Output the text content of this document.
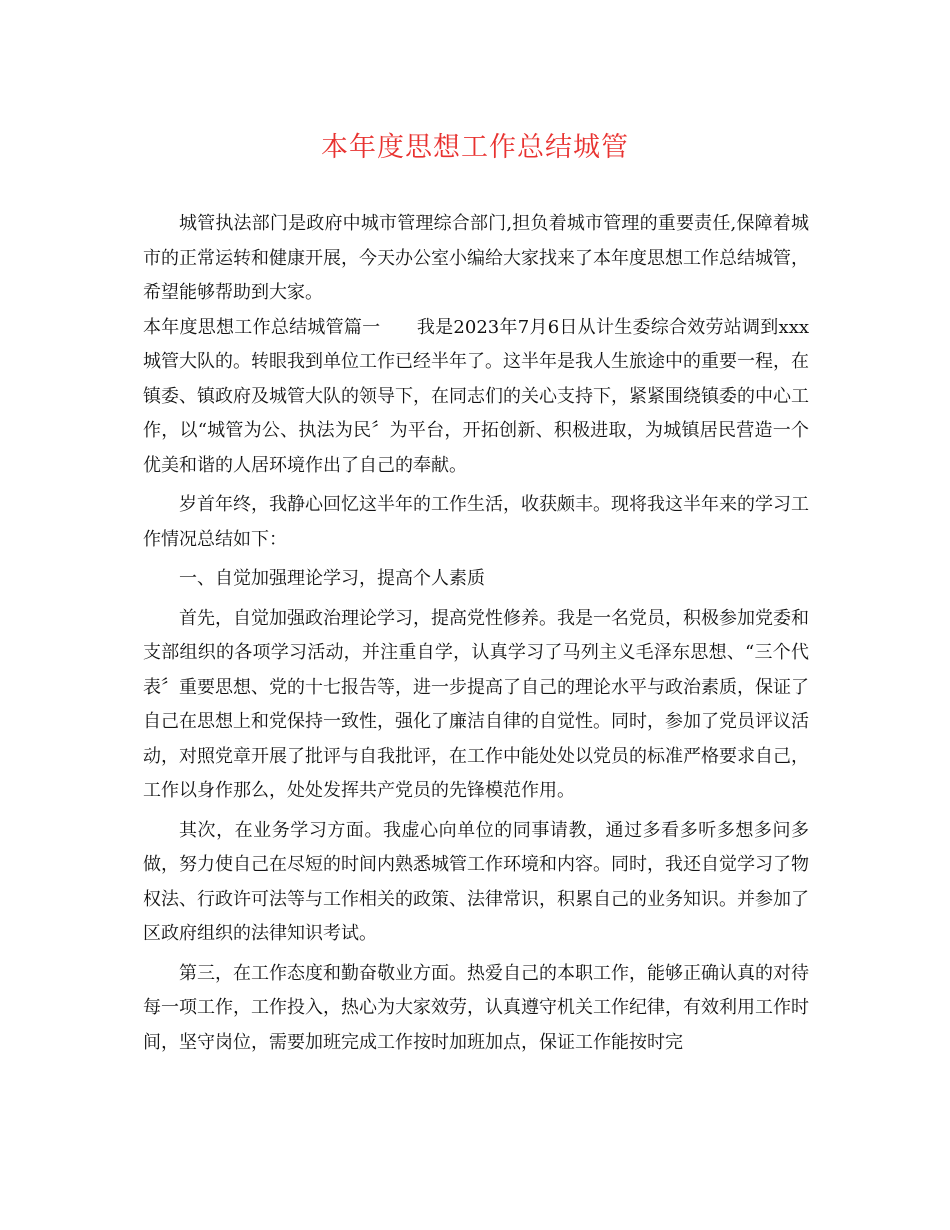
本年度思想工作总结城管

城管执法部门是政府中城市管理综合部门,担负着城市管理的重要责任,保障着城市的正常运转和健康开展，今天办公室小编给大家找来了本年度思想工作总结城管，希望能够帮助到大家。

本年度思想工作总结城管篇一　　我是2023年7月6日从计生委综合效劳站调到xxx城管大队的。转眼我到单位工作已经半年了。这半年是我人生旅途中的重要一程，在镇委、镇政府及城管大队的领导下，在同志们的关心支持下，紧紧围绕镇委的中心工作，以“城管为公、执法为民〞为平台，开拓创新、积极进取，为城镇居民营造一个优美和谐的人居环境作出了自己的奉献。

岁首年终，我静心回忆这半年的工作生活，收获颇丰。现将我这半年来的学习工作情况总结如下：

一、自觉加强理论学习，提高个人素质

首先，自觉加强政治理论学习，提高党性修养。我是一名党员，积极参加党委和支部组织的各项学习活动，并注重自学，认真学习了马列主义毛泽东思想、“三个代表〞重要思想、党的十七报告等，进一步提高了自己的理论水平与政治素质，保证了自己在思想上和党保持一致性，强化了廉洁自律的自觉性。同时，参加了党员评议活动，对照党章开展了批评与自我批评，在工作中能处处以党员的标准严格要求自己，工作以身作那么，处处发挥共产党员的先锋模范作用。

其次，在业务学习方面。我虚心向单位的同事请教，通过多看多听多想多问多做，努力使自己在尽短的时间内熟悉城管工作环境和内容。同时，我还自觉学习了物权法、行政许可法等与工作相关的政策、法律常识，积累自己的业务知识。并参加了区政府组织的法律知识考试。

第三，在工作态度和勤奋敬业方面。热爱自己的本职工作，能够正确认真的对待每一项工作，工作投入，热心为大家效劳，认真遵守机关工作纪律，有效利用工作时间，坚守岗位，需要加班完成工作按时加班加点，保证工作能按时完
